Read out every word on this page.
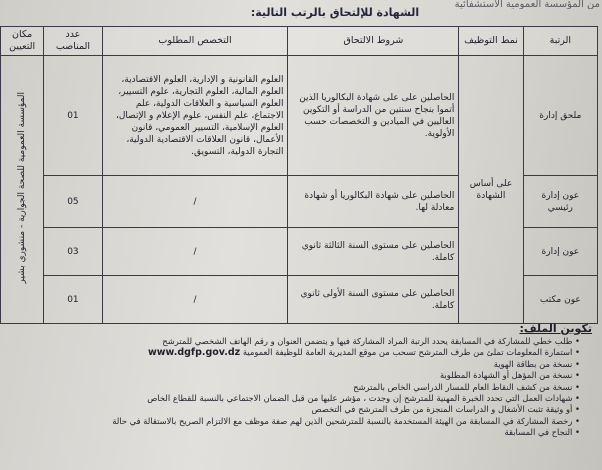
من المؤسسة العمومية الاستشفائية
الشهادة للإلتحاق بالرتب التالية:
الرتبة	نمط التوظيف	شروط الالتحاق	التخصص المطلوب	عدد المناصب	مكان التعيين
ملحق إدارة	على أساس الشهادة	الحاصلين على على شهادة البكالوريا الذين أتموا بنجاح سنتين من الدراسة أو التكوين العاليين في الميادين و التخصصات حسب الأولوية.	العلوم القانونية و الإدارية، العلوم الاقتصادية، العلوم المالية، العلوم التجارية، علوم التسيير، العلوم السياسية و العلاقات الدولية، علم الاجتماع، علم النفس، علوم الإعلام و الإتصال، العلوم الإسلامية، التسيير العمومي، قانون الأعمال، قانون العلاقات الاقتصادية الدولية، التجارة الدولية، التسويق.	01	المؤسسة العمومية للصحة الجوارية - منشوري بشير
عون إدارة رئيسي		الحاصلين على شهادة البكالوريا أو شهادة معادلة لها.	/	05	
عون إدارة		الحاصلين على مستوى السنة الثالثة ثانوي كاملة.	/	03	
عون مكتب		الحاصلين على مستوى السنة الأولى ثانوي كاملة.	/	01	
تكوين الملف:
• طلب خطي للمشاركة في المسابقة يحدد الرتبة المراد المشاركة فيها و يتضمن العنوان و رقم الهاتف الشخصي للمترشح
• استمارة المعلومات تملئ من طرف المترشح تسحب من موقع المديرية العامة للوظيفة العمومية www.dgfp.gov.dz
• نسخة من بطاقة الهوية
• نسخة من المؤهل أو الشهادة المطلوبة
• نسخة من كشف النقاط العام للمسار الدراسي الخاص بالمترشح
• شهادات العمل التي تحدد الخبرة المهنية للمترشح إن وجدت ، مؤشر عليها من قبل الضمان الاجتماعي بالنسبة للقطاع الخاص
• أو وثيقة تثبت الأشغال و الدراسات المنجزة من طرف المترشح في التخصص
• رخصة المشاركة في المسابقة من الهيئة المستخدمة بالنسبة للمترشحين الذين لهم صفة موظف مع الالتزام الصريح بالاستقالة في حالة
• النجاح في المسابقة
